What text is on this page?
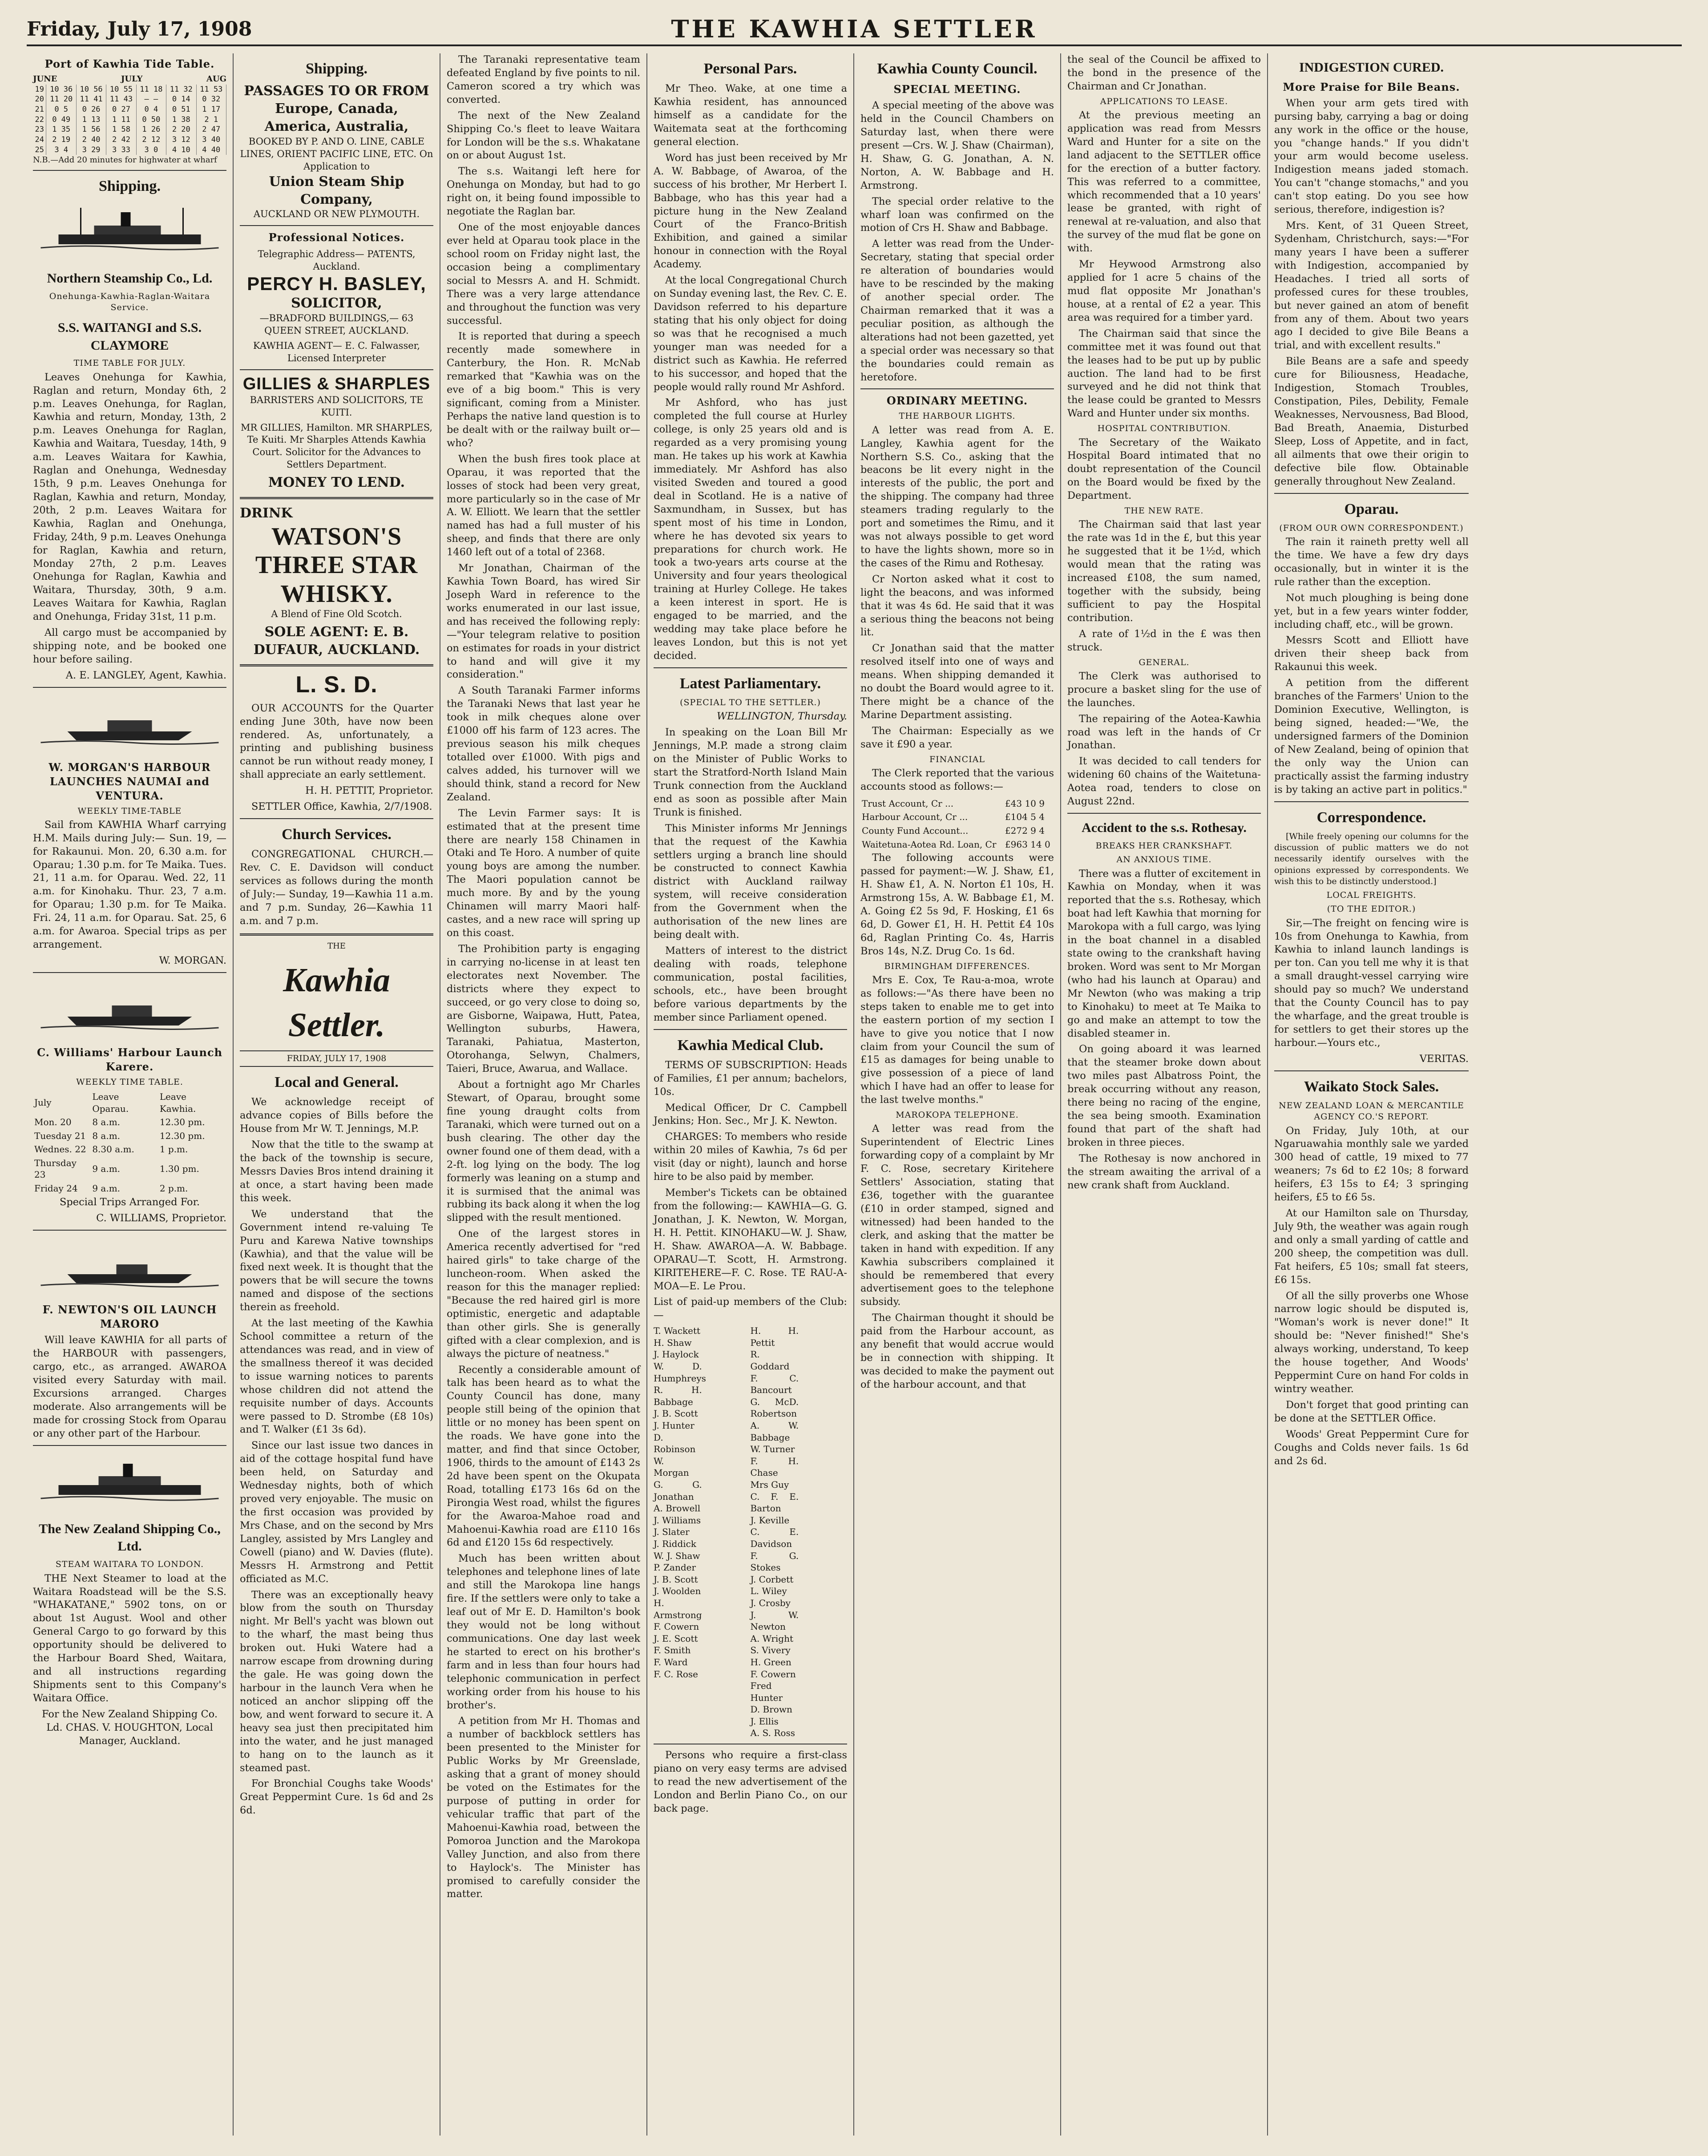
Friday, July 17, 1908	THE KAWHIA SETTLER
Port of Kawhia Tide Table.
JUNE	JULY	AUG
19	10 36	10 56	10 55	11 18	11 32	11 53
20	11 20	11 41	11 43	— —	0 14	0 32
21	0 5	0 26	0 27	0 4	0 51	1 17
22	0 49	1 13	1 11	0 50	1 38	2 1
23	1 35	1 56	1 58	1 26	2 20	2 47
24	2 19	2 40	2 42	2 12	3 12	3 40
25	3 4	3 29	3 33	3 0	4 10	4 40

N.B.—Add 20 minutes for highwater at wharf

Shipping.
Northern Steamship Co., Ld.
Onehunga-Kawhia-Raglan-Waitara Service.
S.S. WAITANGI and S.S. CLAYMORE
TIME TABLE FOR JULY.

Leaves Onehunga for Kawhia, Raglan and return, Monday 6th, 2 p.m. Leaves Onehunga, for Raglan, Kawhia and return, Monday, 13th, 2 p.m. Leaves Onehunga for Raglan, Kawhia and Waitara, Tuesday, 14th, 9 a.m. Leaves Waitara for Kawhia, Raglan and Onehunga, Wednesday 15th, 9 p.m. Leaves Onehunga for Raglan, Kawhia and return, Monday, 20th, 2 p.m. Leaves Waitara for Kawhia, Raglan and Onehunga, Friday, 24th, 9 p.m. Leaves Onehunga for Raglan, Kawhia and return, Monday 27th, 2 p.m. Leaves Onehunga for Raglan, Kawhia and Waitara, Thursday, 30th, 9 a.m. Leaves Waitara for Kawhia, Raglan and Onehunga, Friday 31st, 11 p.m.

All cargo must be accompanied by shipping note, and be booked one hour before sailing.

A. E. LANGLEY, Agent, Kawhia.

W. MORGAN'S HARBOUR LAUNCHES NAUMAI and VENTURA.
WEEKLY TIME-TABLE

Sail from KAWHIA Wharf carrying H.M. Mails during July:— Sun. 19, — for Rakaunui. Mon. 20, 6.30 a.m. for Oparau; 1.30 p.m. for Te Maika. Tues. 21, 11 a.m. for Oparau. Wed. 22, 11 a.m. for Kinohaku. Thur. 23, 7 a.m. for Oparau; 1.30 p.m. for Te Maika. Fri. 24, 11 a.m. for Oparau. Sat. 25, 6 a.m. for Awaroa. Special trips as per arrangement.

W. MORGAN.

C. Williams' Harbour Launch Karere.
WEEKLY TIME TABLE.
July	Leave Oparau.	Leave Kawhia.
Mon. 20	8 a.m.	12.30 pm.
Tuesday 21	8 a.m.	12.30 pm.
Wednes. 22	8.30 a.m.	1 p.m.
Thursday 23	9 a.m.	1.30 pm.
Friday 24	9 a.m.	2 p.m.

Special Trips Arranged For.

C. WILLIAMS, Proprietor.

F. NEWTON'S OIL LAUNCH MARORO

Will leave KAWHIA for all parts of the HARBOUR with passengers, cargo, etc., as arranged. AWAROA visited every Saturday with mail. Excursions arranged. Charges moderate. Also arrangements will be made for crossing Stock from Oparau or any other part of the Harbour.

The New Zealand Shipping Co., Ltd.
STEAM WAITARA TO LONDON.

THE Next Steamer to load at the Waitara Roadstead will be the S.S. "WHAKATANE," 5902 tons, on or about 1st August. Wool and other General Cargo to go forward by this opportunity should be delivered to the Harbour Board Shed, Waitara, and all instructions regarding Shipments sent to this Company's Waitara Office.

For the New Zealand Shipping Co. Ld. CHAS. V. HOUGHTON, Local Manager, Auckland.

Shipping.
PASSAGES TO OR FROM Europe, Canada, America, Australia,
BOOKED BY P. AND O. LINE, CABLE LINES, ORIENT PACIFIC LINE, ETC. On Application to
Union Steam Ship Company,
AUCKLAND OR NEW PLYMOUTH.
Professional Notices.
Telegraphic Address— PATENTS, Auckland.
PERCY H. BASLEY,
SOLICITOR,
—BRADFORD BUILDINGS,— 63 QUEEN STREET, AUCKLAND.
KAWHIA AGENT— E. C. Falwasser, Licensed Interpreter
GILLIES & SHARPLES
BARRISTERS AND SOLICITORS, TE KUITI.
MR GILLIES, Hamilton. MR SHARPLES, Te Kuiti. Mr Sharples Attends Kawhia Court. Solicitor for the Advances to Settlers Department.
MONEY TO LEND.
DRINK
WATSON'S THREE STAR WHISKY.
A Blend of Fine Old Scotch.
SOLE AGENT: E. B. DUFAUR, AUCKLAND.
L. S. D.

OUR ACCOUNTS for the Quarter ending June 30th, have now been rendered. As, unfortunately, a printing and publishing business cannot be run without ready money, I shall appreciate an early settlement.

H. H. PETTIT, Proprietor.

SETTLER Office, Kawhia, 2/7/1908.

Church Services.

CONGREGATIONAL CHURCH.—Rev. C. E. Davidson will conduct services as follows during the month of July:— Sunday, 19—Kawhia 11 a.m. and 7 p.m. Sunday, 26—Kawhia 11 a.m. and 7 p.m.

THE
Kawhia Settler.
FRIDAY, JULY 17, 1908
Local and General.

We acknowledge receipt of advance copies of Bills before the House from Mr W. T. Jennings, M.P.

Now that the title to the swamp at the back of the township is secure, Messrs Davies Bros intend draining it at once, a start having been made this week.

We understand that the Government intend re-valuing Te Puru and Karewa Native townships (Kawhia), and that the value will be fixed next week. It is thought that the powers that be will secure the towns named and dispose of the sections therein as freehold.

At the last meeting of the Kawhia School committee a return of the attendances was read, and in view of the smallness thereof it was decided to issue warning notices to parents whose children did not attend the requisite number of days. Accounts were passed to D. Strombe (£8 10s) and T. Walker (£1 3s 6d).

Since our last issue two dances in aid of the cottage hospital fund have been held, on Saturday and Wednesday nights, both of which proved very enjoyable. The music on the first occasion was provided by Mrs Chase, and on the second by Mrs Langley, assisted by Mrs Langley and Cowell (piano) and W. Davies (flute). Messrs H. Armstrong and Pettit officiated as M.C.

There was an exceptionally heavy blow from the south on Thursday night. Mr Bell's yacht was blown out to the wharf, the mast being thus broken out. Huki Watere had a narrow escape from drowning during the gale. He was going down the harbour in the launch Vera when he noticed an anchor slipping off the bow, and went forward to secure it. A heavy sea just then precipitated him into the water, and he just managed to hang on to the launch as it steamed past.

For Bronchial Coughs take Woods' Great Peppermint Cure. 1s 6d and 2s 6d.

The Taranaki representative team defeated England by five points to nil. Cameron scored a try which was converted.

The next of the New Zealand Shipping Co.'s fleet to leave Waitara for London will be the s.s. Whakatane on or about August 1st.

The s.s. Waitangi left here for Onehunga on Monday, but had to go right on, it being found impossible to negotiate the Raglan bar.

One of the most enjoyable dances ever held at Oparau took place in the school room on Friday night last, the occasion being a complimentary social to Messrs A. and H. Schmidt. There was a very large attendance and throughout the function was very successful.

It is reported that during a speech recently made somewhere in Canterbury, the Hon. R. McNab remarked that "Kawhia was on the eve of a big boom." This is very significant, coming from a Minister. Perhaps the native land question is to be dealt with or the railway built or—who?

When the bush fires took place at Oparau, it was reported that the losses of stock had been very great, more particularly so in the case of Mr A. W. Elliott. We learn that the settler named has had a full muster of his sheep, and finds that there are only 1460 left out of a total of 2368.

Mr Jonathan, Chairman of the Kawhia Town Board, has wired Sir Joseph Ward in reference to the works enumerated in our last issue, and has received the following reply:—"Your telegram relative to position on estimates for roads in your district to hand and will give it my consideration."

A South Taranaki Farmer informs the Taranaki News that last year he took in milk cheques alone over £1000 off his farm of 123 acres. The previous season his milk cheques totalled over £1000. With pigs and calves added, his turnover will we should think, stand a record for New Zealand.

The Levin Farmer says: It is estimated that at the present time there are nearly 158 Chinamen in Otaki and Te Horo. A number of quite young boys are among the number. The Maori population cannot be much more. By and by the young Chinamen will marry Maori half-castes, and a new race will spring up on this coast.

The Prohibition party is engaging in carrying no-license in at least ten electorates next November. The districts where they expect to succeed, or go very close to doing so, are Gisborne, Waipawa, Hutt, Patea, Wellington suburbs, Hawera, Taranaki, Pahiatua, Masterton, Otorohanga, Selwyn, Chalmers, Taieri, Bruce, Awarua, and Wallace.

About a fortnight ago Mr Charles Stewart, of Oparau, brought some fine young draught colts from Taranaki, which were turned out on a bush clearing. The other day the owner found one of them dead, with a 2-ft. log lying on the body. The log formerly was leaning on a stump and it is surmised that the animal was rubbing its back along it when the log slipped with the result mentioned.

One of the largest stores in America recently advertised for "red haired girls" to take charge of the luncheon-room. When asked the reason for this the manager replied: "Because the red haired girl is more optimistic, energetic and adaptable than other girls. She is generally gifted with a clear complexion, and is always the picture of neatness."

Recently a considerable amount of talk has been heard as to what the County Council has done, many people still being of the opinion that little or no money has been spent on the roads. We have gone into the matter, and find that since October, 1906, thirds to the amount of £143 2s 2d have been spent on the Okupata Road, totalling £173 16s 6d on the Pirongia West road, whilst the figures for the Awaroa-Mahoe road and Mahoenui-Kawhia road are £110 16s 6d and £120 15s 6d respectively.

Much has been written about telephones and telephone lines of late and still the Marokopa line hangs fire. If the settlers were only to take a leaf out of Mr E. D. Hamilton's book they would not be long without communications. One day last week he started to erect on his brother's farm and in less than four hours had telephonic communication in perfect working order from his house to his brother's.

A petition from Mr H. Thomas and a number of backblock settlers has been presented to the Minister for Public Works by Mr Greenslade, asking that a grant of money should be voted on the Estimates for the purpose of putting in order for vehicular traffic that part of the Mahoenui-Kawhia road, between the Pomoroa Junction and the Marokopa Valley Junction, and also from there to Haylock's. The Minister has promised to carefully consider the matter.

Personal Pars.

Mr Theo. Wake, at one time a Kawhia resident, has announced himself as a candidate for the Waitemata seat at the forthcoming general election.

Word has just been received by Mr A. W. Babbage, of Awaroa, of the success of his brother, Mr Herbert I. Babbage, who has this year had a picture hung in the New Zealand Court of the Franco-British Exhibition, and gained a similar honour in connection with the Royal Academy.

At the local Congregational Church on Sunday evening last, the Rev. C. E. Davidson referred to his departure stating that his only object for doing so was that he recognised a much younger man was needed for a district such as Kawhia. He referred to his successor, and hoped that the people would rally round Mr Ashford.

Mr Ashford, who has just completed the full course at Hurley college, is only 25 years old and is regarded as a very promising young man. He takes up his work at Kawhia immediately. Mr Ashford has also visited Sweden and toured a good deal in Scotland. He is a native of Saxmundham, in Sussex, but has spent most of his time in London, where he has devoted six years to preparations for church work. He took a two-years arts course at the University and four years theological training at Hurley College. He takes a keen interest in sport. He is engaged to be married, and the wedding may take place before he leaves London, but this is not yet decided.

Latest Parliamentary.
(SPECIAL TO THE SETTLER.)

WELLINGTON, Thursday.

In speaking on the Loan Bill Mr Jennings, M.P. made a strong claim on the Minister of Public Works to start the Stratford-North Island Main Trunk connection from the Auckland end as soon as possible after Main Trunk is finished.

This Minister informs Mr Jennings that the request of the Kawhia settlers urging a branch line should be constructed to connect Kawhia district with Auckland railway system, will receive consideration from the Government when the authorisation of the new lines are being dealt with.

Matters of interest to the district dealing with roads, telephone communication, postal facilities, schools, etc., have been brought before various departments by the member since Parliament opened.

Kawhia Medical Club.

TERMS OF SUBSCRIPTION: Heads of Families, £1 per annum; bachelors, 10s.

Medical Officer, Dr C. Campbell Jenkins; Hon. Sec., Mr J. K. Newton.

CHARGES: To members who reside within 20 miles of Kawhia, 7s 6d per visit (day or night), launch and horse hire to be also paid by member.

Member's Tickets can be obtained from the following:— KAWHIA—G. G. Jonathan, J. K. Newton, W. Morgan, H. H. Pettit. KINOHAKU—W. J. Shaw, H. Shaw. AWAROA—A. W. Babbage. OPARAU—T. Scott, H. Armstrong. KIRITEHERE—F. C. Rose. TE RAU-A-MOA—E. Le Prou.

List of paid-up members of the Club:—

T. Wackett
H. Shaw
J. Haylock
W. D. Humphreys
R. H. Babbage
J. B. Scott
J. Hunter
D. Robinson
W. Morgan
G. G. Jonathan
A. Browell
J. Williams
J. Slater
J. Riddick
W. J. Shaw
P. Zander
J. B. Scott
J. Woolden
H. Armstrong
F. Cowern
J. E. Scott
F. Smith
F. Ward
F. C. Rose
H. H. Pettit
R. Goddard
F. C. Bancourt
G. McD. Robertson
A. W. Babbage
W. Turner
F. H. Chase
Mrs Guy
C. F. E. Barton
J. Keville
C. E. Davidson
F. G. Stokes
J. Corbett
L. Wiley
J. Crosby
J. W. Newton
A. Wright
S. Vivery
H. Green
F. Cowern
Fred Hunter
D. Brown
J. Ellis
A. S. Ross

Persons who require a first-class piano on very easy terms are advised to read the new advertisement of the London and Berlin Piano Co., on our back page.

Kawhia County Council.
SPECIAL MEETING.

A special meeting of the above was held in the Council Chambers on Saturday last, when there were present —Crs. W. J. Shaw (Chairman), H. Shaw, G. G. Jonathan, A. N. Norton, A. W. Babbage and H. Armstrong.

The special order relative to the wharf loan was confirmed on the motion of Crs H. Shaw and Babbage.

A letter was read from the Under-Secretary, stating that special order re alteration of boundaries would have to be rescinded by the making of another special order. The Chairman remarked that it was a peculiar position, as although the alterations had not been gazetted, yet a special order was necessary so that the boundaries could remain as heretofore.

ORDINARY MEETING.
THE HARBOUR LIGHTS.

A letter was read from A. E. Langley, Kawhia agent for the Northern S.S. Co., asking that the beacons be lit every night in the interests of the public, the port and the shipping. The company had three steamers trading regularly to the port and sometimes the Rimu, and it was not always possible to get word to have the lights shown, more so in the cases of the Rimu and Rothesay.

Cr Norton asked what it cost to light the beacons, and was informed that it was 4s 6d. He said that it was a serious thing the beacons not being lit.

Cr Jonathan said that the matter resolved itself into one of ways and means. When shipping demanded it no doubt the Board would agree to it. There might be a chance of the Marine Department assisting.

The Chairman: Especially as we save it £90 a year.

FINANCIAL

The Clerk reported that the various accounts stood as follows:—

Trust Account, Cr ...	£43 10 9
Harbour Account, Cr ...	£104 5 4
County Fund Account...	£272 9 4
Waitetuna-Aotea Rd. Loan, Cr	£963 14 0

The following accounts were passed for payment:—W. J. Shaw, £1, H. Shaw £1, A. N. Norton £1 10s, H. Armstrong 15s, A. W. Babbage £1, M. A. Going £2 5s 9d, F. Hosking, £1 6s 6d, D. Gower £1, H. H. Pettit £4 10s 6d, Raglan Printing Co. 4s, Harris Bros 14s, N.Z. Drug Co. 1s 6d.

BIRMINGHAM DIFFERENCES.

Mrs E. Cox, Te Rau-a-moa, wrote as follows:—"As there have been no steps taken to enable me to get into the eastern portion of my section I have to give you notice that I now claim from your Council the sum of £15 as damages for being unable to give possession of a piece of land which I have had an offer to lease for the last twelve months."

MAROKOPA TELEPHONE.

A letter was read from the Superintendent of Electric Lines forwarding copy of a complaint by Mr F. C. Rose, secretary Kiritehere Settlers' Association, stating that £36, together with the guarantee (£10 in order stamped, signed and witnessed) had been handed to the clerk, and asking that the matter be taken in hand with expedition. If any Kawhia subscribers complained it should be remembered that every advertisement goes to the telephone subsidy.

The Chairman thought it should be paid from the Harbour account, as any benefit that would accrue would be in connection with shipping. It was decided to make the payment out of the harbour account, and that

the seal of the Council be affixed to the bond in the presence of the Chairman and Cr Jonathan.

APPLICATIONS TO LEASE.

At the previous meeting an application was read from Messrs Ward and Hunter for a site on the land adjacent to the SETTLER office for the erection of a butter factory. This was referred to a committee, which recommended that a 10 years' lease be granted, with right of renewal at re-valuation, and also that the survey of the mud flat be gone on with.

Mr Heywood Armstrong also applied for 1 acre 5 chains of the mud flat opposite Mr Jonathan's house, at a rental of £2 a year. This area was required for a timber yard.

The Chairman said that since the committee met it was found out that the leases had to be put up by public auction. The land had to be first surveyed and he did not think that the lease could be granted to Messrs Ward and Hunter under six months.

HOSPITAL CONTRIBUTION.

The Secretary of the Waikato Hospital Board intimated that no doubt representation of the Council on the Board would be fixed by the Department.

THE NEW RATE.

The Chairman said that last year the rate was 1d in the £, but this year he suggested that it be 1½d, which would mean that the rating was increased £108, the sum named, together with the subsidy, being sufficient to pay the Hospital contribution.

A rate of 1½d in the £ was then struck.

GENERAL.

The Clerk was authorised to procure a basket sling for the use of the launches.

The repairing of the Aotea-Kawhia road was left in the hands of Cr Jonathan.

It was decided to call tenders for widening 60 chains of the Waitetuna-Aotea road, tenders to close on August 22nd.

Accident to the s.s. Rothesay.
BREAKS HER CRANKSHAFT.
AN ANXIOUS TIME.

There was a flutter of excitement in Kawhia on Monday, when it was reported that the s.s. Rothesay, which boat had left Kawhia that morning for Marokopa with a full cargo, was lying in the boat channel in a disabled state owing to the crankshaft having broken. Word was sent to Mr Morgan (who had his launch at Oparau) and Mr Newton (who was making a trip to Kinohaku) to meet at Te Maika to go and make an attempt to tow the disabled steamer in.

On going aboard it was learned that the steamer broke down about two miles past Albatross Point, the break occurring without any reason, there being no racing of the engine, the sea being smooth. Examination found that part of the shaft had broken in three pieces.

The Rothesay is now anchored in the stream awaiting the arrival of a new crank shaft from Auckland.

INDIGESTION CURED.
More Praise for Bile Beans.

When your arm gets tired with pursing baby, carrying a bag or doing any work in the office or the house, you "change hands." If you didn't your arm would become useless. Indigestion means jaded stomach. You can't "change stomachs," and you can't stop eating. Do you see how serious, therefore, indigestion is?

Mrs. Kent, of 31 Queen Street, Sydenham, Christchurch, says:—"For many years I have been a sufferer with Indigestion, accompanied by Headaches. I tried all sorts of professed cures for these troubles, but never gained an atom of benefit from any of them. About two years ago I decided to give Bile Beans a trial, and with excellent results."

Bile Beans are a safe and speedy cure for Biliousness, Headache, Indigestion, Stomach Troubles, Constipation, Piles, Debility, Female Weaknesses, Nervousness, Bad Blood, Bad Breath, Anaemia, Disturbed Sleep, Loss of Appetite, and in fact, all ailments that owe their origin to defective bile flow. Obtainable generally throughout New Zealand.

Oparau.
(FROM OUR OWN CORRESPONDENT.)

The rain it raineth pretty well all the time. We have a few dry days occasionally, but in winter it is the rule rather than the exception.

Not much ploughing is being done yet, but in a few years winter fodder, including chaff, etc., will be grown.

Messrs Scott and Elliott have driven their sheep back from Rakaunui this week.

A petition from the different branches of the Farmers' Union to the Dominion Executive, Wellington, is being signed, headed:—"We, the undersigned farmers of the Dominion of New Zealand, being of opinion that the only way the Union can practically assist the farming industry is by taking an active part in politics."

Correspondence.

[While freely opening our columns for the discussion of public matters we do not necessarily identify ourselves with the opinions expressed by correspondents. We wish this to be distinctly understood.]

LOCAL FREIGHTS.
(TO THE EDITOR.)

Sir,—The freight on fencing wire is 10s from Onehunga to Kawhia, from Kawhia to inland launch landings is per ton. Can you tell me why it is that a small draught-vessel carrying wire should pay so much? We understand that the County Council has to pay the wharfage, and the great trouble is for settlers to get their stores up the harbour.—Yours etc.,

VERITAS.

Waikato Stock Sales.
NEW ZEALAND LOAN & MERCANTILE AGENCY CO.'S REPORT.

On Friday, July 10th, at our Ngaruawahia monthly sale we yarded 300 head of cattle, 19 mixed to 77 weaners; 7s 6d to £2 10s; 8 forward heifers, £3 15s to £4; 3 springing heifers, £5 to £6 5s.

At our Hamilton sale on Thursday, July 9th, the weather was again rough and only a small yarding of cattle and 200 sheep, the competition was dull. Fat heifers, £5 10s; small fat steers, £6 15s.

Of all the silly proverbs one Whose narrow logic should be disputed is, "Woman's work is never done!" It should be: "Never finished!" She's always working, understand, To keep the house together, And Woods' Peppermint Cure on hand For colds in wintry weather.

Don't forget that good printing can be done at the SETTLER Office.

Woods' Great Peppermint Cure for Coughs and Colds never fails. 1s 6d and 2s 6d.
